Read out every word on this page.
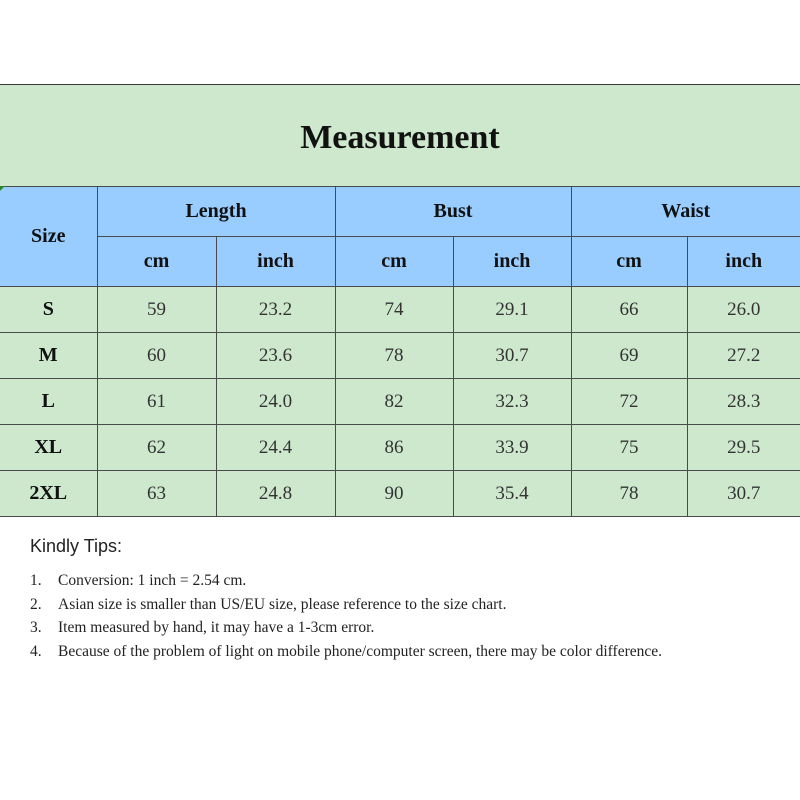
Measurement
Size	Length		Bust		Waist	
	cm	inch	cm	inch	cm	inch
S	59	23.2	74	29.1	66	26.0
M	60	23.6	78	30.7	69	27.2
L	61	24.0	82	32.3	72	28.3
XL	62	24.4	86	33.9	75	29.5
2XL	63	24.8	90	35.4	78	30.7

Kindly Tips:

1.	Conversion: 1 inch = 2.54 cm.
2.	Asian size is smaller than US/EU size, please reference to the size chart.
3.	Item measured by hand, it may have a 1-3cm error.
4.	Because of the problem of light on mobile phone/computer screen, there may be color difference.
